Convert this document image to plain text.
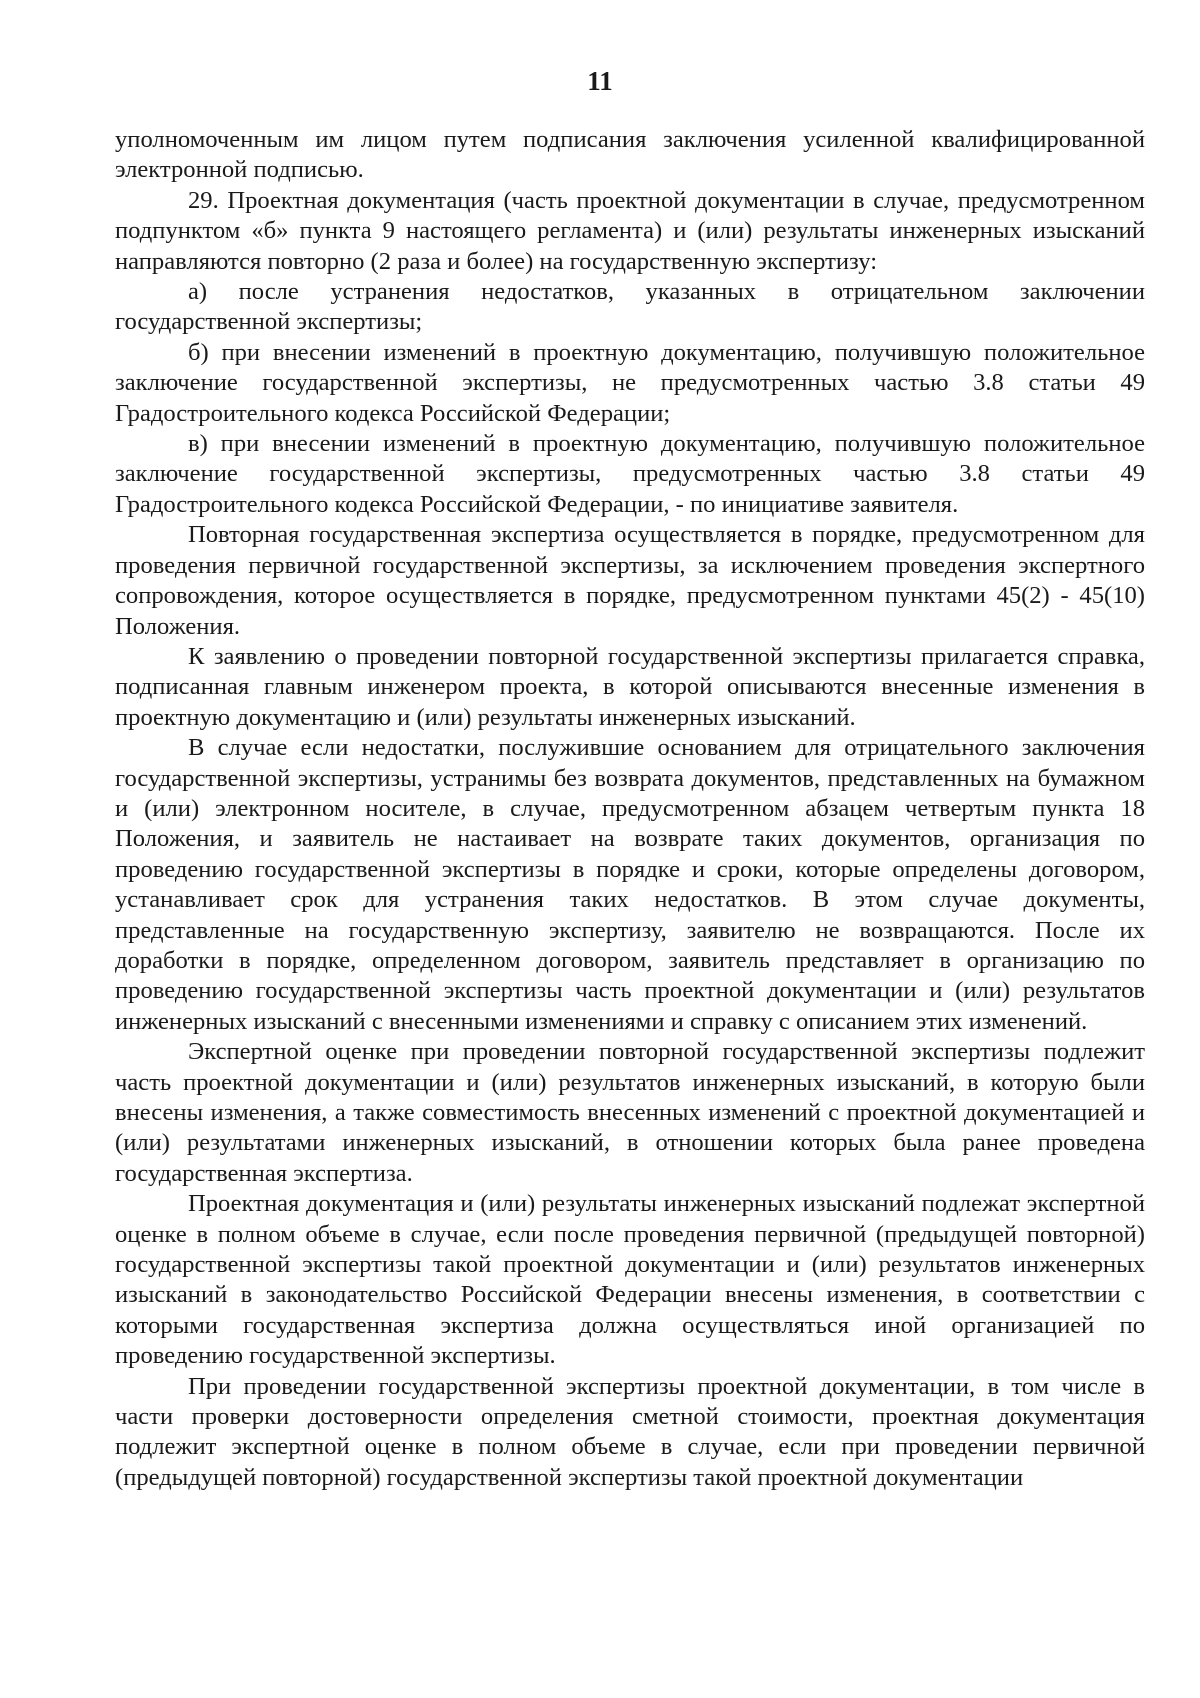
11

уполномоченным им лицом путем подписания заключения усиленной квалифицированной электронной подписью.

29. Проектная документация (часть проектной документации в случае, предусмотренном подпунктом «б» пункта 9 настоящего регламента) и (или) результаты инженерных изысканий направляются повторно (2 раза и более) на государственную экспертизу:

а) после устранения недостатков, указанных в отрицательном заключении государственной экспертизы;

б) при внесении изменений в проектную документацию, получившую положительное заключение государственной экспертизы, не предусмотренных частью 3.8 статьи 49 Градостроительного кодекса Российской Федерации;

в) при внесении изменений в проектную документацию, получившую положительное заключение государственной экспертизы, предусмотренных частью 3.8 статьи 49 Градостроительного кодекса Российской Федерации, - по инициативе заявителя.

Повторная государственная экспертиза осуществляется в порядке, предусмотренном для проведения первичной государственной экспертизы, за исключением проведения экспертного сопровождения, которое осуществляется в порядке, предусмотренном пунктами 45(2) - 45(10) Положения.

К заявлению о проведении повторной государственной экспертизы прилагается справка, подписанная главным инженером проекта, в которой описываются внесенные изменения в проектную документацию и (или) результаты инженерных изысканий.

В случае если недостатки, послужившие основанием для отрицательного заключения государственной экспертизы, устранимы без возврата документов, представленных на бумажном и (или) электронном носителе, в случае, предусмотренном абзацем четвертым пункта 18 Положения, и заявитель не настаивает на возврате таких документов, организация по проведению государственной экспертизы в порядке и сроки, которые определены договором, устанавливает срок для устранения таких недостатков. В этом случае документы, представленные на государственную экспертизу, заявителю не возвращаются. После их доработки в порядке, определенном договором, заявитель представляет в организацию по проведению государственной экспертизы часть проектной документации и (или) результатов инженерных изысканий с внесенными изменениями и справку с описанием этих изменений.

Экспертной оценке при проведении повторной государственной экспертизы подлежит часть проектной документации и (или) результатов инженерных изысканий, в которую были внесены изменения, а также совместимость внесенных изменений с проектной документацией и (или) результатами инженерных изысканий, в отношении которых была ранее проведена государственная экспертиза.

Проектная документация и (или) результаты инженерных изысканий подлежат экспертной оценке в полном объеме в случае, если после проведения первичной (предыдущей повторной) государственной экспертизы такой проектной документации и (или) результатов инженерных изысканий в законодательство Российской Федерации внесены изменения, в соответствии с которыми государственная экспертиза должна осуществляться иной организацией по проведению государственной экспертизы.

При проведении государственной экспертизы проектной документации, в том числе в части проверки достоверности определения сметной стоимости, проектная документация подлежит экспертной оценке в полном объеме в случае, если при проведении первичной (предыдущей повторной) государственной экспертизы такой проектной документации
